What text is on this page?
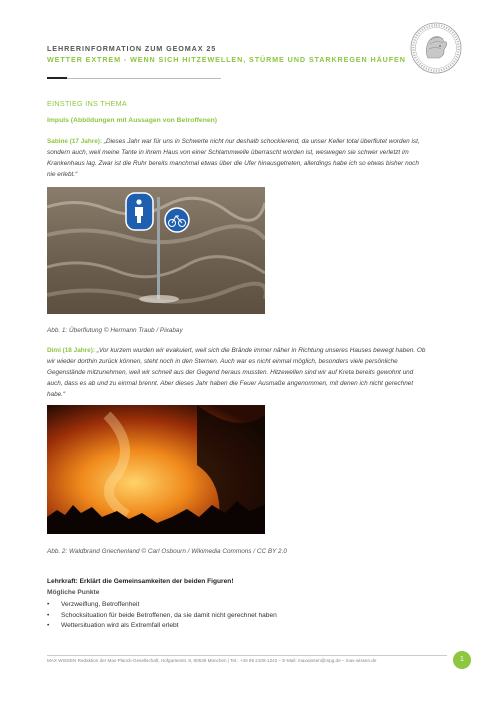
LEHRERINFORMATION ZUM GEOMAX 25
WETTER EXTREM - WENN SICH HITZEWELLEN, STÜRME UND STARKREGEN HÄUFEN
EINSTIEG INS THEMA
Impuls (Abbildungen mit Aussagen von Betroffenen)

Sabine (17 Jahre): „Dieses Jahr war für uns in Schwerte nicht nur deshalb schockierend, da unser Keller total überflutet worden ist, sondern auch, weil meine Tante in ihrem Haus von einer Schlammwelle überrascht worden ist, weswegen sie schwer verletzt im Krankenhaus lag. Zwar ist die Ruhr bereits manchmal etwas über die Ufer hinausgetreten, allerdings habe ich so etwas bisher noch nie erlebt.“

Abb. 1: Überflutung © Hermann Traub / Pixabay

Dimi (18 Jahre): „Vor kurzem wurden wir evakuiert, weil sich die Brände immer näher in Richtung unseres Hauses bewegt haben. Ob wir wieder dorthin zurück können, steht noch in den Sternen. Auch war es nicht einmal möglich, besonders viele persönliche Gegenstände mitzunehmen, weil wir schnell aus der Gegend heraus mussten. Hitzewellen sind wir auf Kreta bereits gewohnt und auch, dass es ab und zu einmal brennt. Aber dieses Jahr haben die Feuer Ausmaße angenommen, mit denen ich nicht gerechnet habe.“

Abb. 2: Waldbrand Griechenland © Carl Osbourn / Wikimedia Commons / CC BY 2.0
Lehrkraft: Erklärt die Gemeinsamkeiten der beiden Figuren!
Mögliche Punkte
• Verzweiflung, Betroffenheit
• Schocksituation für beide Betroffenen, da sie damit nicht gerechnet haben
• Wettersituation wird als Extremfall erlebt
MAX WISSEN Redaktion der Max-Planck-Gesellschaft, Hofgartenstr. 8, 80539 München | Tel.: +49 89 2108-1242 – E-Mail: maxwissen@mpg.de – max-wissen.de	1
